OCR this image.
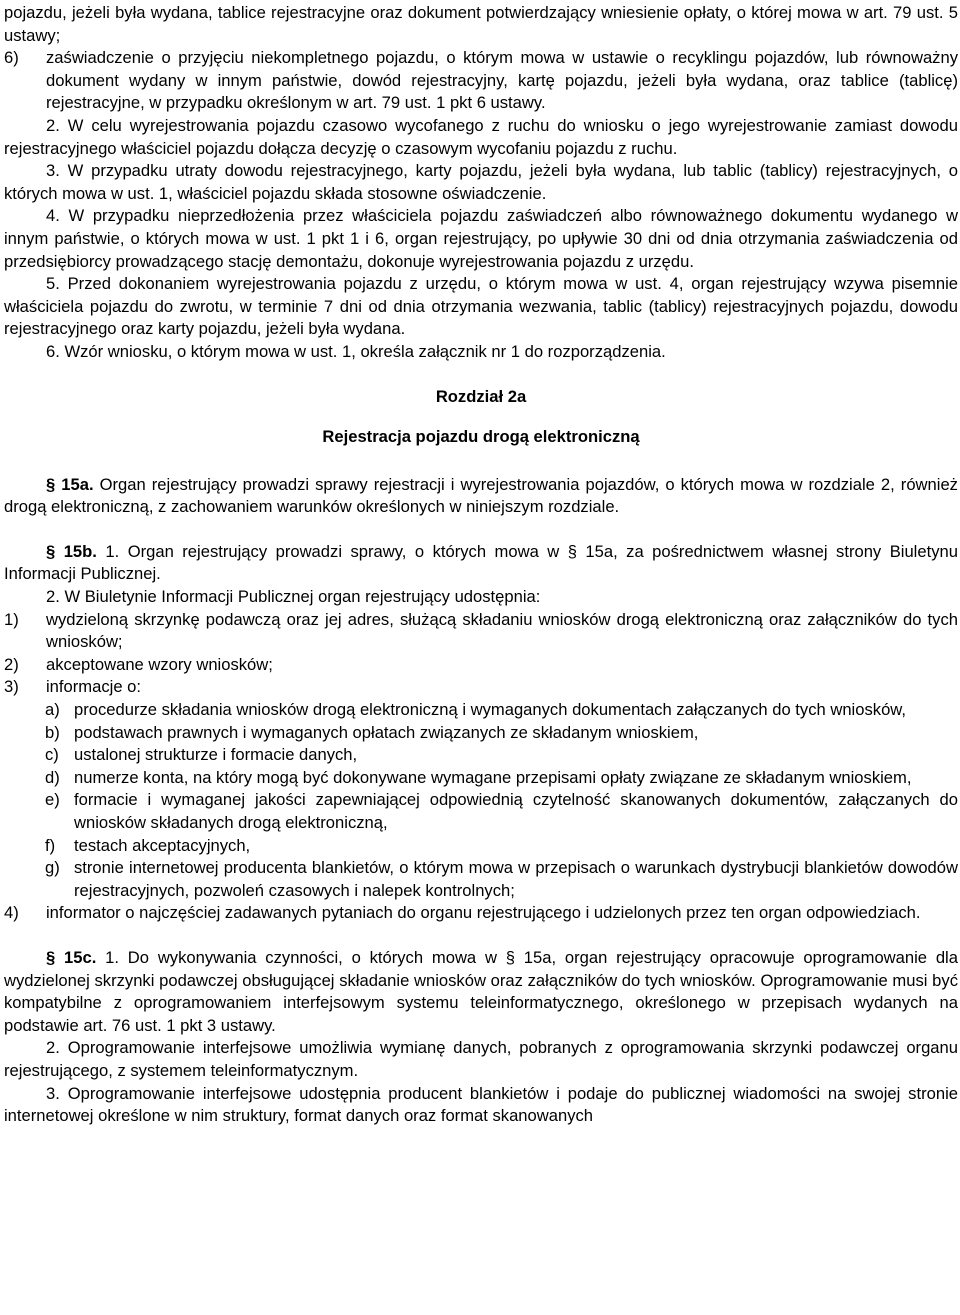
pojazdu, jeżeli była wydana, tablice rejestracyjne oraz dokument potwierdzający wniesienie opłaty, o której mowa w art. 79 ust. 5 ustawy;

6) zaświadczenie o przyjęciu niekompletnego pojazdu, o którym mowa w ustawie o recyklingu pojazdów, lub równoważny dokument wydany w innym państwie, dowód rejestracyjny, kartę pojazdu, jeżeli była wydana, oraz tablice (tablicę) rejestracyjne, w przypadku określonym w art. 79 ust. 1 pkt 6 ustawy.

2. W celu wyrejestrowania pojazdu czasowo wycofanego z ruchu do wniosku o jego wyrejestrowanie zamiast dowodu rejestracyjnego właściciel pojazdu dołącza decyzję o czasowym wycofaniu pojazdu z ruchu.

3. W przypadku utraty dowodu rejestracyjnego, karty pojazdu, jeżeli była wydana, lub tablic (tablicy) rejestracyjnych, o których mowa w ust. 1, właściciel pojazdu składa stosowne oświadczenie.

4. W przypadku nieprzedłożenia przez właściciela pojazdu zaświadczeń albo równoważnego dokumentu wydanego w innym państwie, o których mowa w ust. 1 pkt 1 i 6, organ rejestrujący, po upływie 30 dni od dnia otrzymania zaświadczenia od przedsiębiorcy prowadzącego stację demontażu, dokonuje wyrejestrowania pojazdu z urzędu.

5. Przed dokonaniem wyrejestrowania pojazdu z urzędu, o którym mowa w ust. 4, organ rejestrujący wzywa pisemnie właściciela pojazdu do zwrotu, w terminie 7 dni od dnia otrzymania wezwania, tablic (tablicy) rejestracyjnych pojazdu, dowodu rejestracyjnego oraz karty pojazdu, jeżeli była wydana.

6. Wzór wniosku, o którym mowa w ust. 1, określa załącznik nr 1 do rozporządzenia.

Rozdział 2a

Rejestracja pojazdu drogą elektroniczną

§ 15a. Organ rejestrujący prowadzi sprawy rejestracji i wyrejestrowania pojazdów, o których mowa w rozdziale 2, również drogą elektroniczną, z zachowaniem warunków określonych w niniejszym rozdziale.

§ 15b. 1. Organ rejestrujący prowadzi sprawy, o których mowa w § 15a, za pośrednictwem własnej strony Biuletynu Informacji Publicznej.

2. W Biuletynie Informacji Publicznej organ rejestrujący udostępnia:

1) wydzieloną skrzynkę podawczą oraz jej adres, służącą składaniu wniosków drogą elektroniczną oraz załączników do tych wniosków;
2) akceptowane wzory wniosków;
3) informacje o:
a) procedurze składania wniosków drogą elektroniczną i wymaganych dokumentach załączanych do tych wniosków,
b) podstawach prawnych i wymaganych opłatach związanych ze składanym wnioskiem,
c) ustalonej strukturze i formacie danych,
d) numerze konta, na który mogą być dokonywane wymagane przepisami opłaty związane ze składanym wnioskiem,
e) formacie i wymaganej jakości zapewniającej odpowiednią czytelność skanowanych dokumentów, załączanych do wniosków składanych drogą elektroniczną,
f) testach akceptacyjnych,
g) stronie internetowej producenta blankietów, o którym mowa w przepisach o warunkach dystrybucji blankietów dowodów rejestracyjnych, pozwoleń czasowych i nalepek kontrolnych;
4) informator o najczęściej zadawanych pytaniach do organu rejestrującego i udzielonych przez ten organ odpowiedziach.

§ 15c. 1. Do wykonywania czynności, o których mowa w § 15a, organ rejestrujący opracowuje oprogramowanie dla wydzielonej skrzynki podawczej obsługującej składanie wniosków oraz załączników do tych wniosków. Oprogramowanie musi być kompatybilne z oprogramowaniem interfejsowym systemu teleinformatycznego, określonego w przepisach wydanych na podstawie art. 76 ust. 1 pkt 3 ustawy.

2. Oprogramowanie interfejsowe umożliwia wymianę danych, pobranych z oprogramowania skrzynki podawczej organu rejestrującego, z systemem teleinformatycznym.

3. Oprogramowanie interfejsowe udostępnia producent blankietów i podaje do publicznej wiadomości na swojej stronie internetowej określone w nim struktury, format danych oraz format skanowanych
